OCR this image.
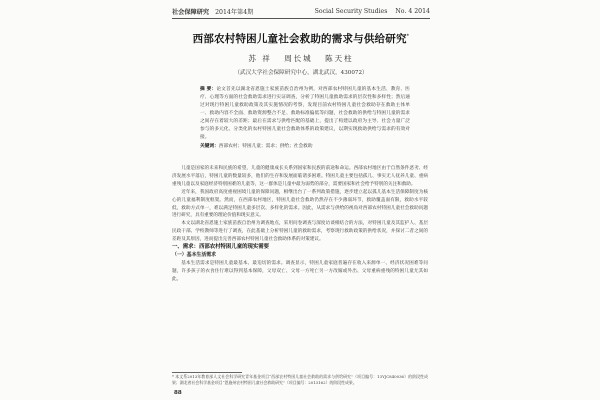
社会保障研究 2014年第4期	Social Security Studies No. 4 2014
西部农村特困儿童社会救助的需求与供给研究*
苏 祥 周长城 陈天柱
（武汉大学社会保障研究中心，湖北武汉，430072）
摘 要：论文首先以湖北省恩施土家族苗族自治州为例，对西部农村特困儿童的基本生活、教育、医疗、心理等方面的社会救助需求进行实证调查，分析了特困儿童救助需求的层次性和多样性；然后通过对现行特困儿童救助政策及其实施情况的考察，发现目前农村特困儿童社会救助存在救助主体单一、救助内容不全面、救助资源整合不足、救助标准偏低等问题，社会救助的供给与特困儿童的需求之间存在着较大的差距；最后在需求与供给匹配的基础上，提出了构建以政府为主导、社会力量广泛参与的多元化、分类化的农村特困儿童社会救助体系的政策建议，以期实现救助供给与需求的有效对接。
关键词：西部农村；特困儿童；需求；供给；社会救助

儿童是国家的未来和民族的希望，儿童的健康成长关系到国家和民族的前途和命运。西部农村地区由于自然条件恶劣、经济发展水平落后，特困儿童的数量较多，他们的生存和发展面临诸多困难。特困儿童主要包括孤儿、事实无人抚养儿童、重病重残儿童以及家庭经济特别困难的儿童等，这一群体是儿童中最为弱势的部分，需要国家和社会给予特别的关注和救助。

近年来，我国政府高度重视困境儿童的保障问题，相继出台了一系列政策措施，逐步建立起以孤儿基本生活保障制度为核心的儿童福利制度框架。然而，在西部农村地区，特困儿童社会救助仍然存在不少薄弱环节，救助覆盖面有限，救助水平较低，救助方式单一，难以满足特困儿童多层次、多样化的需求。因此，从需求与供给的视角对西部农村特困儿童社会救助问题进行研究，具有重要的理论价值和现实意义。

本文以湖北省恩施土家族苗族自治州为调查地点，采用问卷调查与深度访谈相结合的方法，对特困儿童及其监护人、基层民政干部、学校教师等进行了调查，在此基础上分析特困儿童的救助需求，考察现行救助政策的供给状况，并探讨二者之间的差距及其原因，进而提出完善西部农村特困儿童社会救助体系的对策建议。

一、需求：西部农村特困儿童的现实需要

（一）基本生活需求

基本生活需求是特困儿童最基本、最迫切的需求。调查显示，特困儿童家庭普遍存在收入来源单一、经济状况困难等问题，许多孩子的衣食住行难以得到基本保障，父母双亡、父母一方死亡另一方改嫁或外出、父母重病重残的特困儿童尤其如此。

* 本文系2013年教育部人文社会科学研究青年基金项目“西部农村特困儿童社会救助的需求与供给研究”（项目编号：13YJC840036）的阶段性成果；湖北省社会科学基金项目“恩施州农村特困儿童社会救助研究”（项目编号：2013162）的阶段性成果。
88
